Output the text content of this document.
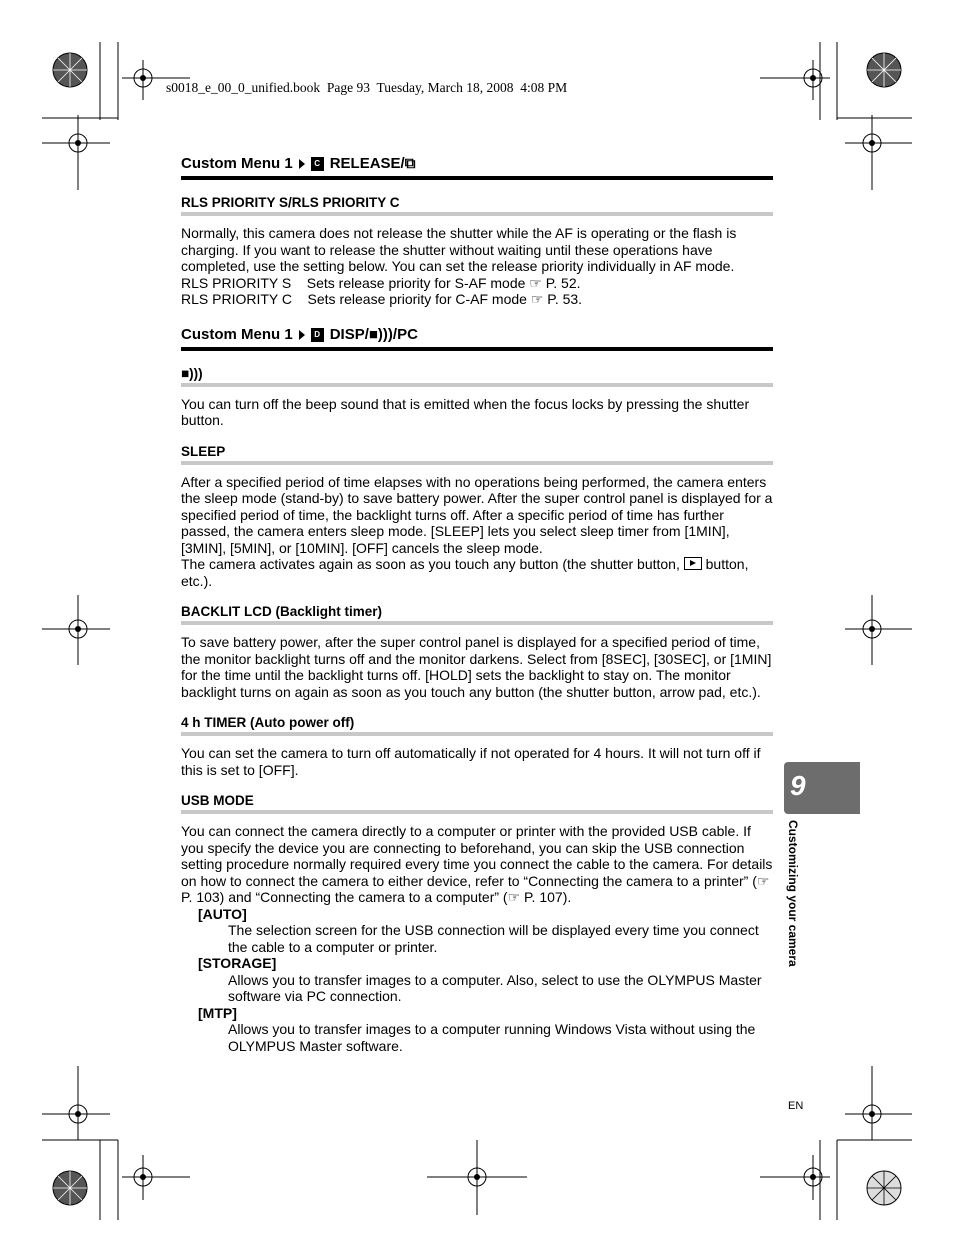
s0018_e_00_0_unified.book  Page 93  Tuesday, March 18, 2008  4:08 PM
Custom Menu 1	C RELEASE/⧉
RLS PRIORITY S/RLS PRIORITY C

Normally, this camera does not release the shutter while the AF is operating or the flash is charging. If you want to release the shutter without waiting until these operations have completed, use the setting below. You can set the release priority individually in AF mode.

RLS PRIORITY S    Sets release priority for S-AF mode ☞ P. 52.
RLS PRIORITY C    Sets release priority for C-AF mode ☞ P. 53.
Custom Menu 1	D DISP/■)))/PC
■)))

You can turn off the beep sound that is emitted when the focus locks by pressing the shutter button.

SLEEP

After a specified period of time elapses with no operations being performed, the camera enters the sleep mode (stand-by) to save battery power. After the super control panel is displayed for a specified period of time, the backlight turns off. After a specific period of time has further passed, the camera enters sleep mode. [SLEEP] lets you select sleep timer from [1MIN], [3MIN], [5MIN], or [10MIN]. [OFF] cancels the sleep mode.

The camera activates again as soon as you touch any button (the shutter button, button, etc.).

BACKLIT LCD (Backlight timer)

To save battery power, after the super control panel is displayed for a specified period of time, the monitor backlight turns off and the monitor darkens. Select from [8SEC], [30SEC], or [1MIN] for the time until the backlight turns off. [HOLD] sets the backlight to stay on. The monitor backlight turns on again as soon as you touch any button (the shutter button, arrow pad, etc.).

4 h TIMER (Auto power off)

You can set the camera to turn off automatically if not operated for 4 hours. It will not turn off if this is set to [OFF].

USB MODE

You can connect the camera directly to a computer or printer with the provided USB cable. If you specify the device you are connecting to beforehand, you can skip the USB connection setting procedure normally required every time you connect the cable to the camera. For details on how to connect the camera to either device, refer to “Connecting the camera to a printer” (☞ P. 103) and “Connecting the camera to a computer” (☞ P. 107).

[AUTO]
The selection screen for the USB connection will be displayed every time you connect the cable to a computer or printer.
[STORAGE]
Allows you to transfer images to a computer. Also, select to use the OLYMPUS Master software via PC connection.
[MTP]
Allows you to transfer images to a computer running Windows Vista without using the OLYMPUS Master software.
9
Customizing your camera
EN
